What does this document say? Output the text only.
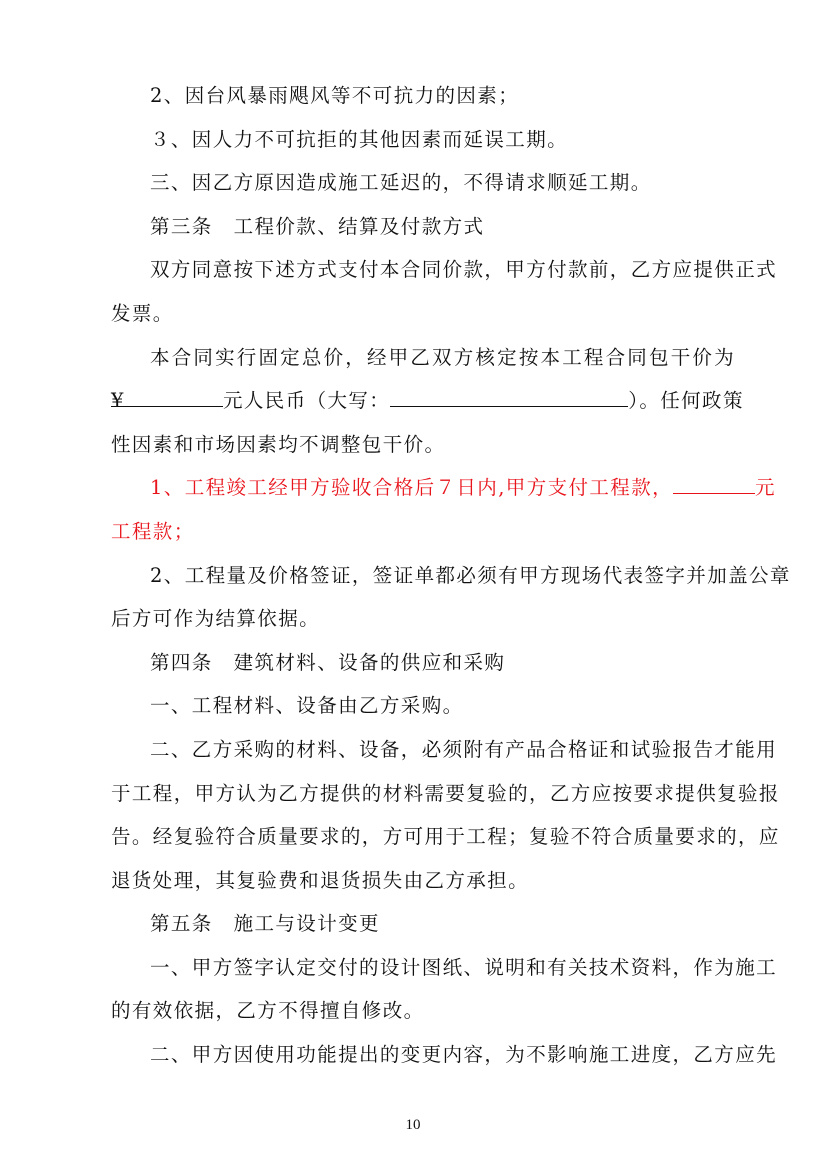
2、因台风暴雨飓风等不可抗力的因素；
３、因人力不可抗拒的其他因素而延误工期。
三、因乙方原因造成施工延迟的，不得请求顺延工期。
第三条　工程价款、结算及付款方式
双方同意按下述方式支付本合同价款，甲方付款前，乙方应提供正式
发票。
本合同实行固定总价，经甲乙双方核定按本工程合同包干价为
¥	元人民币（大写：	）。任何政策
性因素和市场因素均不调整包干价。
1、工程竣工经甲方验收合格后７日内,甲方支付工程款，	元
工程款；
2、工程量及价格签证，签证单都必须有甲方现场代表签字并加盖公章
后方可作为结算依据。
第四条　建筑材料、设备的供应和采购
一、工程材料、设备由乙方采购。
二、乙方采购的材料、设备，必须附有产品合格证和试验报告才能用
于工程，甲方认为乙方提供的材料需要复验的，乙方应按要求提供复验报
告。经复验符合质量要求的，方可用于工程；复验不符合质量要求的，应
退货处理，其复验费和退货损失由乙方承担。
第五条　施工与设计变更
一、甲方签字认定交付的设计图纸、说明和有关技术资料，作为施工
的有效依据，乙方不得擅自修改。
二、甲方因使用功能提出的变更内容，为不影响施工进度，乙方应先
10
